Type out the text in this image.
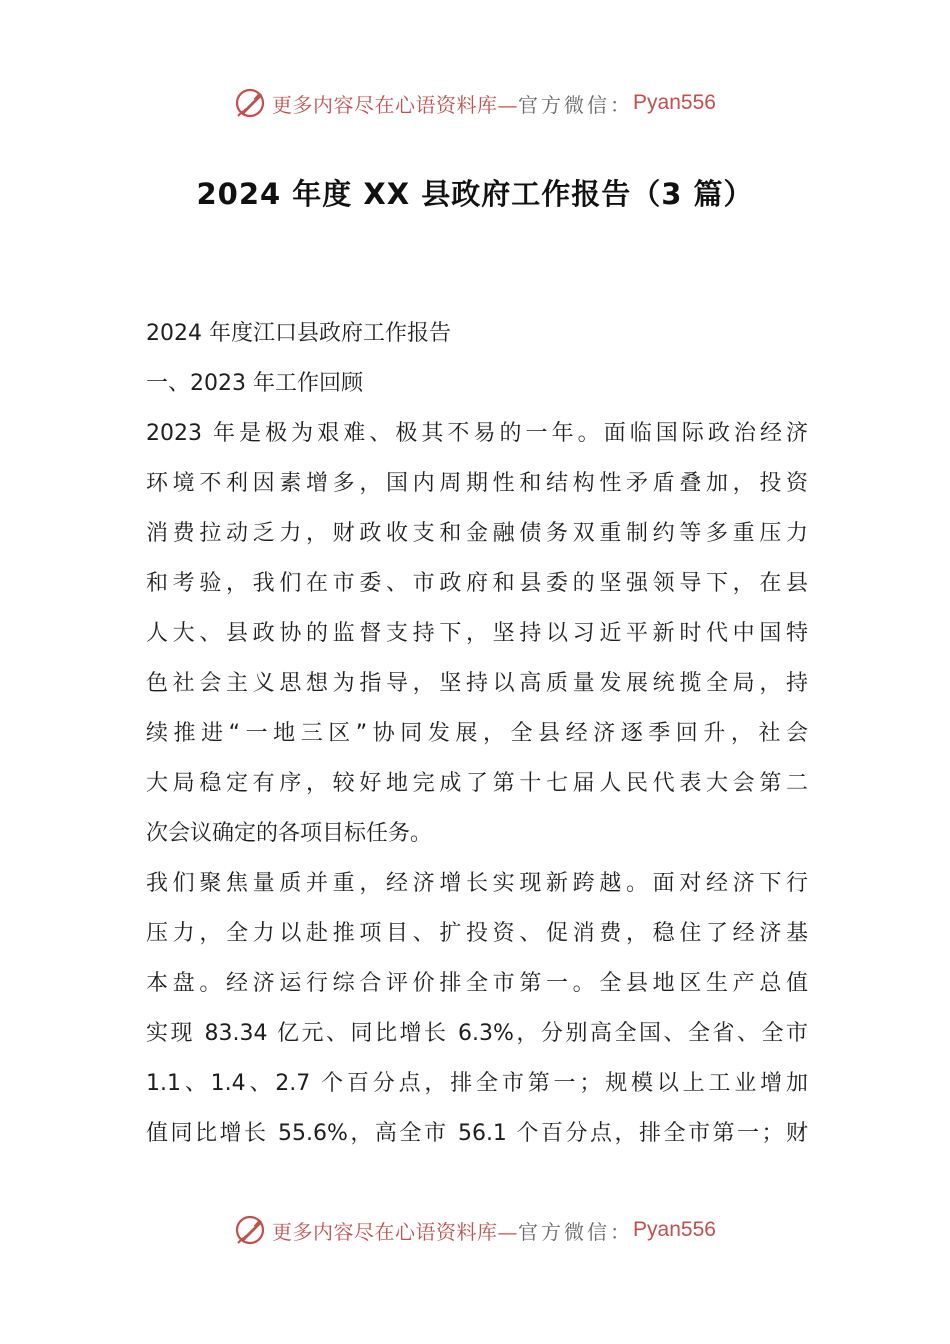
更多内容尽在心语资料库— 官方微信： Pyan556
2024 年度 XX 县政府工作报告（3 篇）
2024 年度江口县政府工作报告
一、2023 年工作回顾
2023 年是极为艰难、极其不易的一年。面临国际政治经济
环境不利因素增多，国内周期性和结构性矛盾叠加，投资
消费拉动乏力，财政收支和金融债务双重制约等多重压力
和考验，我们在市委、市政府和县委的坚强领导下，在县
人大、县政协的监督支持下，坚持以习近平新时代中国特
色社会主义思想为指导，坚持以高质量发展统揽全局，持
续推进“一地三区”协同发展，全县经济逐季回升，社会
大局稳定有序，较好地完成了第十七届人民代表大会第二
次会议确定的各项目标任务。
我们聚焦量质并重，经济增长实现新跨越。面对经济下行
压力，全力以赴推项目、扩投资、促消费，稳住了经济基
本盘。经济运行综合评价排全市第一。全县地区生产总值
实现 83.34 亿元、同比增长 6.3%，分别高全国、全省、全市
1.1、1.4、2.7 个百分点，排全市第一；规模以上工业增加
值同比增长 55.6%，高全市 56.1 个百分点，排全市第一；财
更多内容尽在心语资料库— 官方微信： Pyan556
